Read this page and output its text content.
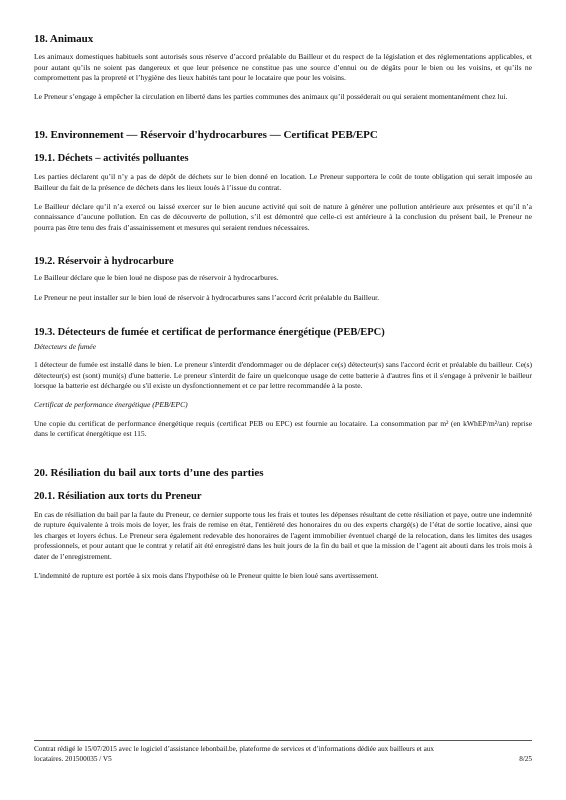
18. Animaux

Les animaux domestiques habituels sont autorisés sous réserve d’accord préalable du Bailleur et du respect de la législation et des réglementations applicables, et pour autant qu’ils ne soient pas dangereux et que leur présence ne constitue pas une source d’ennui ou de dégâts pour le bien ou les voisins, et qu’ils ne compromettent pas la propreté et l’hygiène des lieux habités tant pour le locataire que pour les voisins.

Le Preneur s’engage à empêcher la circulation en liberté dans les parties communes des animaux qu’il posséderait ou qui seraient momentanément chez lui.

19. Environnement — Réservoir d'hydrocarbures — Certificat PEB/EPC
19.1. Déchets – activités polluantes

Les parties déclarent qu’il n’y a pas de dépôt de déchets sur le bien donné en location. Le Preneur supportera le coût de toute obligation qui serait imposée au Bailleur du fait de la présence de déchets dans les lieux loués à l’issue du contrat.

Le Bailleur déclare qu’il n’a exercé ou laissé exercer sur le bien aucune activité qui soit de nature à générer une pollution antérieure aux présentes et qu’il n’a connaissance d’aucune pollution. En cas de découverte de pollution, s’il est démontré que celle-ci est antérieure à la conclusion du présent bail, le Preneur ne pourra pas être tenu des frais d’assainissement et mesures qui seraient rendues nécessaires.

19.2. Réservoir à hydrocarbure

Le Bailleur déclare que le bien loué ne dispose pas de réservoir à hydrocarbures.

Le Preneur ne peut installer sur le bien loué de réservoir à hydrocarbures sans l’accord écrit préalable du Bailleur.

19.3. Détecteurs de fumée et certificat de performance énergétique (PEB/EPC)

Détecteurs de fumée

1 détecteur de fumée est installé dans le bien. Le preneur s'interdit d'endommager ou de déplacer ce(s) détecteur(s) sans l'accord écrit et préalable du bailleur. Ce(s) détecteur(s) est (sont) muni(s) d'une batterie. Le preneur s'interdit de faire un quelconque usage de cette batterie à d'autres fins et il s'engage à prévenir le bailleur lorsque la batterie est déchargée ou s'il existe un dysfonctionnement et ce par lettre recommandée à la poste.

Certificat de performance énergétique (PEB/EPC)

Une copie du certificat de performance énergétique requis (certificat PEB ou EPC) est fournie au locataire. La consommation par m² (en kWhEP/m²/an) reprise dans le certificat énergétique est 115.

20. Résiliation du bail aux torts d’une des parties
20.1. Résiliation aux torts du Preneur

En cas de résiliation du bail par la faute du Preneur, ce dernier supporte tous les frais et toutes les dépenses résultant de cette résiliation et paye, outre une indemnité de rupture équivalente à trois mois de loyer, les frais de remise en état, l'entièreté des honoraires du ou des experts chargé(s) de l’état de sortie locative, ainsi que les charges et loyers échus. Le Preneur sera également redevable des honoraires de l'agent immobilier éventuel chargé de la relocation, dans les limites des usages professionnels, et pour autant que le contrat y relatif ait été enregistré dans les huit jours de la fin du bail et que la mission de l’agent ait abouti dans les trois mois à dater de l’enregistrement.

L'indemnité de rupture est portée à six mois dans l'hypothèse où le Preneur quitte le bien loué sans avertissement.

Contrat rédigé le 15/07/2015 avec le logiciel d’assistance lebonbail.be, plateforme de services et d’informations dédiée aux bailleurs et aux

locataires. 201500035 / V5	8/25
